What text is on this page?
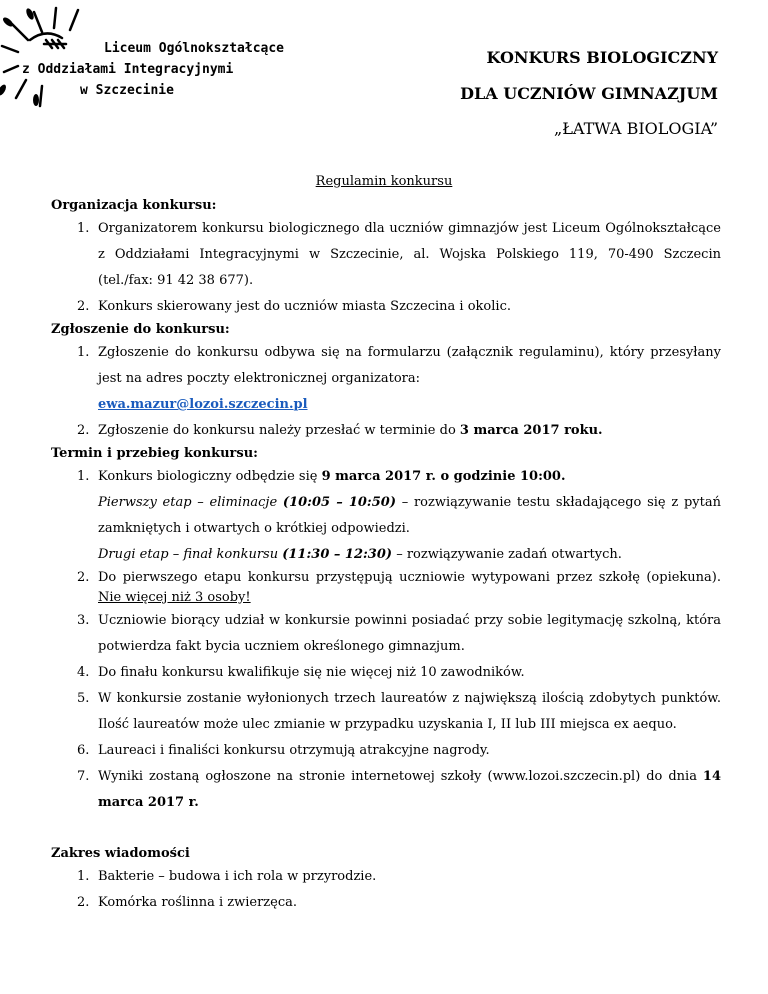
Liceum Ogólnokształcące
z Oddziałami Integracyjnymi
w Szczecinie
KONKURS BIOLOGICZNY
DLA UCZNIÓW GIMNAZJUM
„ŁATWA BIOLOGIA”
Regulamin konkursu

Organizacja konkursu:

1. Organizatorem konkursu biologicznego dla uczniów gimnazjów jest Liceum Ogólnokształcące z Oddziałami Integracyjnymi w Szczecinie, al. Wojska Polskiego 119, 70-490 Szczecin (tel./fax: 91 42 38 677).
2. Konkurs skierowany jest do uczniów miasta Szczecina i okolic.

Zgłoszenie do konkursu:

1. Zgłoszenie do konkursu odbywa się na formularzu (załącznik regulaminu), który przesyłany jest na adres poczty elektronicznej organizatora:
ewa.mazur@lozoi.szczecin.pl
2. Zgłoszenie do konkursu należy przesłać w terminie do 3 marca 2017 roku.

Termin i przebieg konkursu:

1. Konkurs biologiczny odbędzie się 9 marca 2017 r. o godzinie 10:00.
Pierwszy etap – eliminacje (10:05 – 10:50) – rozwiązywanie testu składającego się z pytań zamkniętych i otwartych o krótkiej odpowiedzi.
Drugi etap – finał konkursu (11:30 – 12:30) – rozwiązywanie zadań otwartych.
2. Do pierwszego etapu konkursu przystępują uczniowie wytypowani przez szkołę (opiekuna). Nie więcej niż 3 osoby!
3. Uczniowie biorący udział w konkursie powinni posiadać przy sobie legitymację szkolną, która potwierdza fakt bycia uczniem określonego gimnazjum.
4. Do finału konkursu kwalifikuje się nie więcej niż 10 zawodników.
5. W konkursie zostanie wyłonionych trzech laureatów z największą ilością zdobytych punktów. Ilość laureatów może ulec zmianie w przypadku uzyskania I, II lub III miejsca ex aequo.
6. Laureaci i finaliści konkursu otrzymują atrakcyjne nagrody.
7. Wyniki zostaną ogłoszone na stronie internetowej szkoły (www.lozoi.szczecin.pl) do dnia 14 marca 2017 r.

Zakres wiadomości

1. Bakterie – budowa i ich rola w przyrodzie.
2. Komórka roślinna i zwierzęca.
